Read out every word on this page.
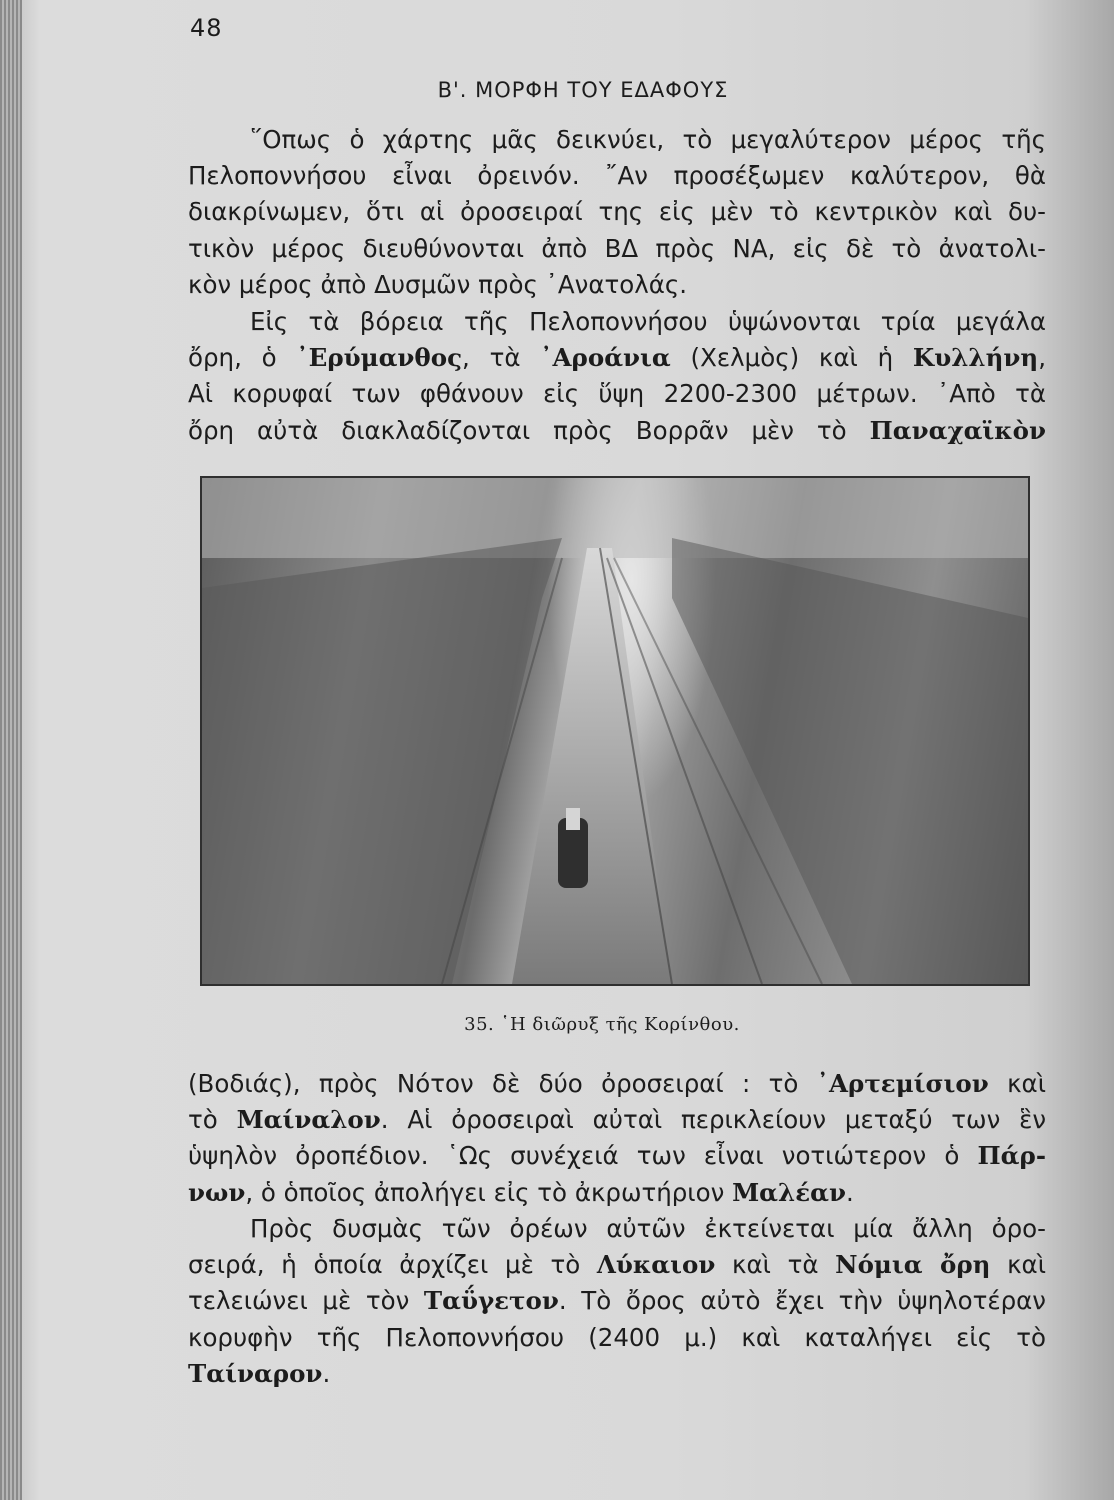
48
Β'. ΜΟΡΦΗ ΤΟΥ ΕΔΑΦΟΥΣ
῞Οπως ὁ χάρτης μᾶς δεικνύει, τὸ μεγαλύτερον μέρος τῆς
Πελοποννήσου εἶναι ὀρεινόν. ῎Αν προσέξωμεν καλύτερον, θὰ
διακρίνωμεν, ὅτι αἱ ὀροσειραί της εἰς μὲν τὸ κεντρικὸν καὶ δυ-
τικὸν μέρος διευθύνονται ἀπὸ ΒΔ πρὸς ΝΑ, εἰς δὲ τὸ ἀνατολι-
κὸν μέρος ἀπὸ Δυσμῶν πρὸς ᾿Ανατολάς.
Εἰς τὰ βόρεια τῆς Πελοποννήσου ὑψώνονται τρία μεγάλα
ὄρη, ὁ ᾿Ερύμανθος, τὰ ᾿Αροάνια (Χελμὸς) καὶ ἡ Κυλλήνη,
Αἱ κορυφαί των φθάνουν εἰς ὕψη 2200-2300 μέτρων. ᾿Απὸ τὰ
ὄρη αὐτὰ διακλαδίζονται πρὸς Βορρᾶν μὲν τὸ Παναχαϊκὸν
35. ῾Η διῶρυξ τῆς Κορίνθου.
(Βοδιάς), πρὸς Νότον δὲ δύο ὀροσειραί : τὸ ᾿Αρτεμίσιον καὶ
τὸ Μαίναλον. Αἱ ὀροσειραὶ αὐταὶ περικλείουν μεταξύ των ἓν
ὑψηλὸν ὀροπέδιον. ῾Ως συνέχειά των εἶναι νοτιώτερον ὁ Πάρ-
νων, ὁ ὁποῖος ἀπολήγει εἰς τὸ ἀκρωτήριον Μαλέαν.
Πρὸς δυσμὰς τῶν ὀρέων αὐτῶν ἐκτείνεται μία ἄλλη ὀρο-
σειρά, ἡ ὁποία ἀρχίζει μὲ τὸ Λύκαιον καὶ τὰ Νόμια ὄρη καὶ
τελειώνει μὲ τὸν Ταΰγετον. Τὸ ὄρος αὐτὸ ἔχει τὴν ὑψηλοτέραν
κορυφὴν τῆς Πελοποννήσου (2400 μ.) καὶ καταλήγει εἰς τὸ
Ταίναρον.
